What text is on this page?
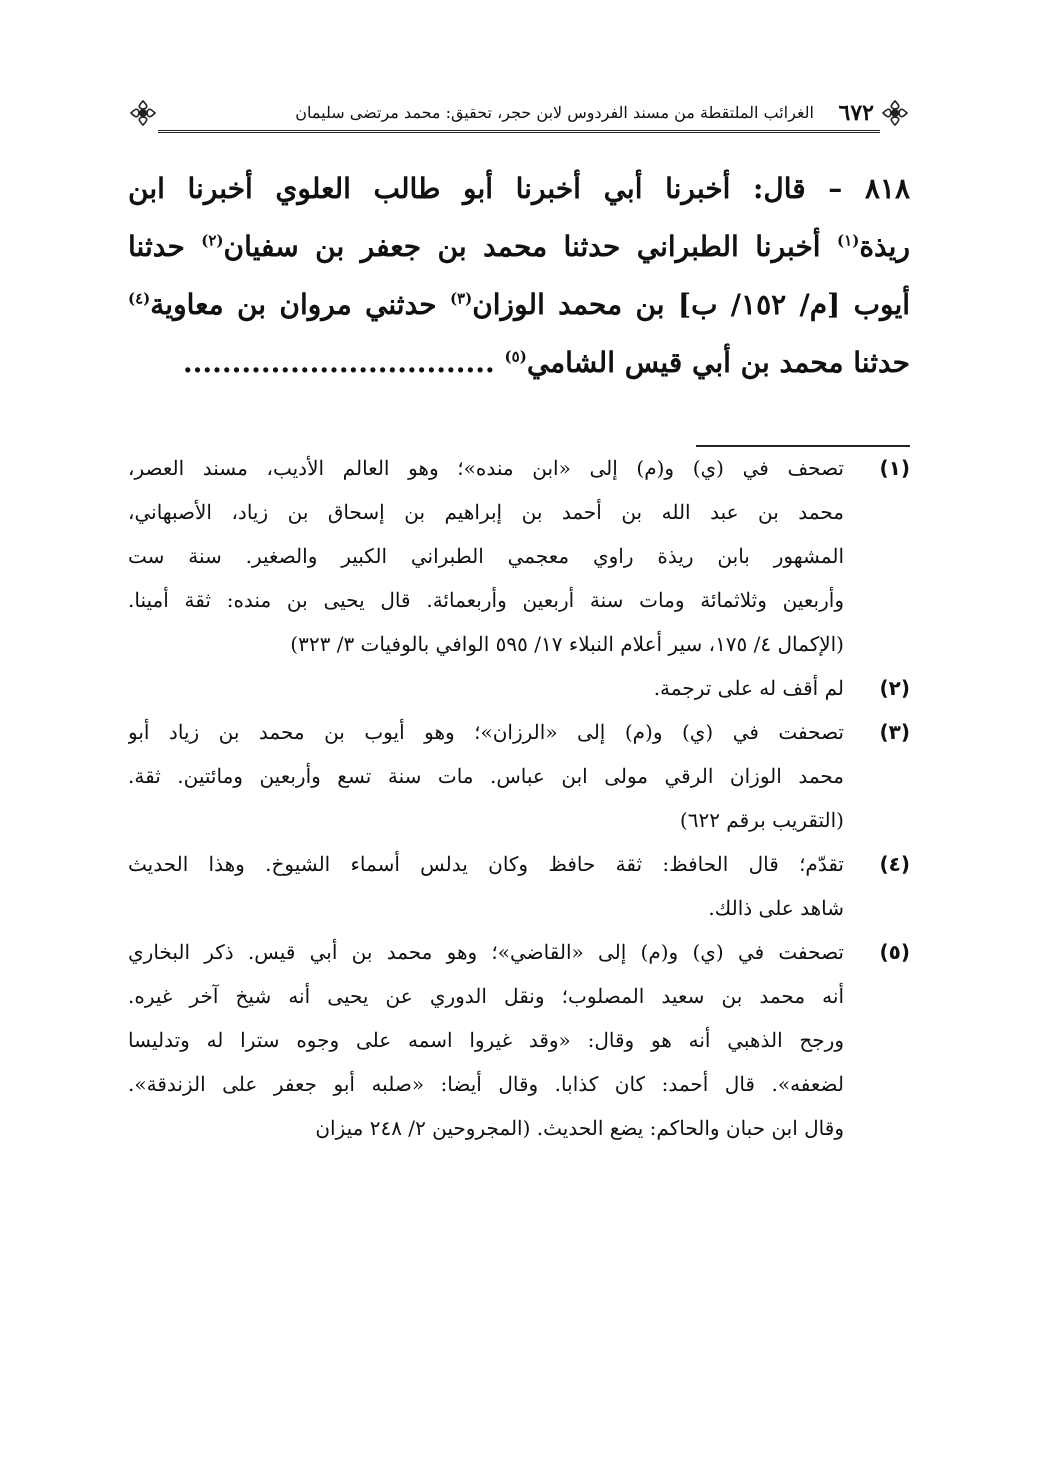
٦٧٢
الغرائب الملتقطة من مسند الفردوس لابن حجر، تحقيق: محمد مرتضى سليمان
٨١٨ – قال: أخبرنا أبي أخبرنا أبو طالب العلوي أخبرنا ابن
ريذة$^{(١)}$ أخبرنا الطبراني حدثنا محمد بن جعفر بن سفيان$^{(٢)}$ حدثنا
أيوب [م/ ١٥٢/ ب] بن محمد الوزان$^{(٣)}$ حدثني مروان بن معاوية$^{(٤)}$
حدثنا محمد بن أبي قيس الشامي$^{(٥)}$ ................................
(١)
تصحف في (ي) و(م) إلى «ابن منده»؛ وهو العالم الأديب، مسند العصر،
محمد بن عبد الله بن أحمد بن إبراهيم بن إسحاق بن زياد، الأصبهاني،
المشهور بابن ريذة راوي معجمي الطبراني الكبير والصغير. سنة ست
وأربعين وثلاثمائة ومات سنة أربعين وأربعمائة. قال يحيى بن منده: ثقة أمينا.
(الإكمال ٤/ ١٧٥، سير أعلام النبلاء ١٧/ ٥٩٥ الوافي بالوفيات ٣/ ٣٢٣)
(٢)
لم أقف له على ترجمة.
(٣)
تصحفت في (ي) و(م) إلى «الرزان»؛ وهو أيوب بن محمد بن زياد أبو
محمد الوزان الرقي مولى ابن عباس. مات سنة تسع وأربعين ومائتين. ثقة.
(التقريب برقم ٦٢٢)
(٤)
تقدّم؛ قال الحافظ: ثقة حافظ وكان يدلس أسماء الشيوخ. وهذا الحديث
شاهد على ذالك.
(٥)
تصحفت في (ي) و(م) إلى «القاضي»؛ وهو محمد بن أبي قيس. ذكر البخاري
أنه محمد بن سعيد المصلوب؛ ونقل الدوري عن يحيى أنه شيخ آخر غيره.
ورجح الذهبي أنه هو وقال: «وقد غيروا اسمه على وجوه سترا له وتدليسا
لضعفه». قال أحمد: كان كذابا. وقال أيضا: «صلبه أبو جعفر على الزندقة».
وقال ابن حبان والحاكم: يضع الحديث. (المجروحين ٢/ ٢٤٨ ميزان
